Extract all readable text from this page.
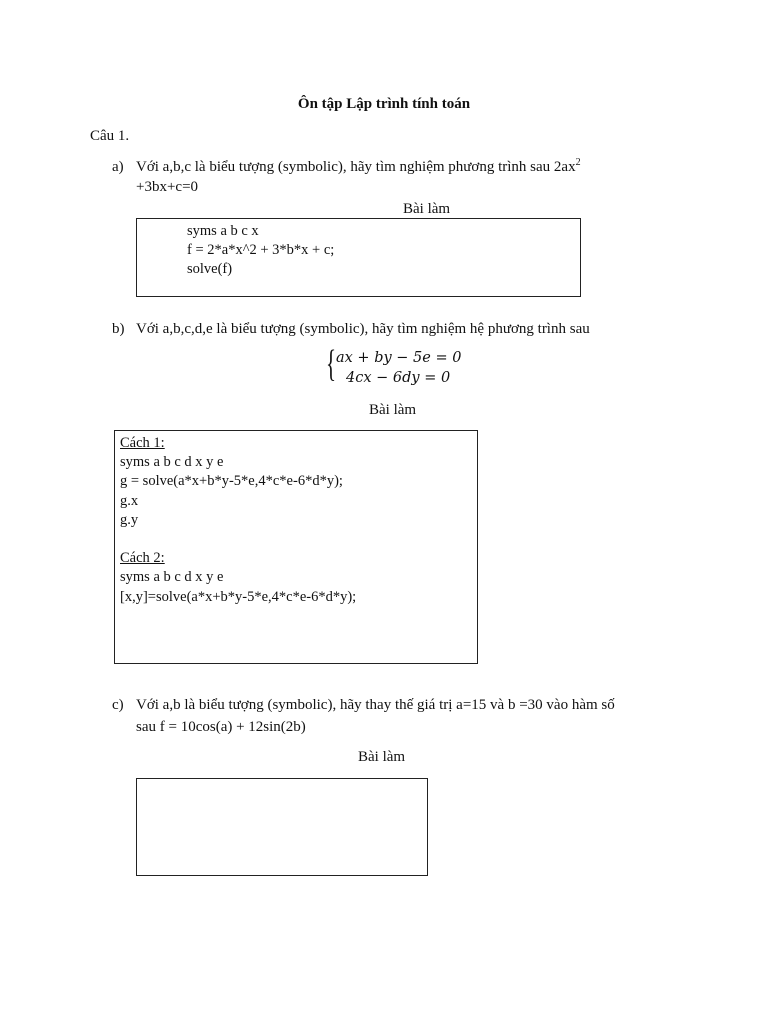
Ôn tập Lập trình tính toán
Câu 1.
a) Với a,b,c là biểu tượng (symbolic), hãy tìm nghiệm phương trình sau $2ax^2$
+3bx+c=0
Bài làm
syms a b c x
f = 2*a*x^2 + 3*b*x + c;
solve(f)
b) Với a,b,c,d,e là biểu tượng (symbolic), hãy tìm nghiệm hệ phương trình sau
{ ax + by − 5e = 0
4cx − 6dy = 0
Bài làm
Cách 1:
syms a b c d x y e
g = solve(a*x+b*y-5*e,4*c*e-6*d*y);
g.x
g.y
Cách 2:
syms a b c d x y e
[x,y]=solve(a*x+b*y-5*e,4*c*e-6*d*y);
c) Với a,b là biểu tượng (symbolic), hãy thay thế giá trị a=15 và b =30 vào hàm số
sau f = 10cos(a) + 12sin(2b)
Bài làm
